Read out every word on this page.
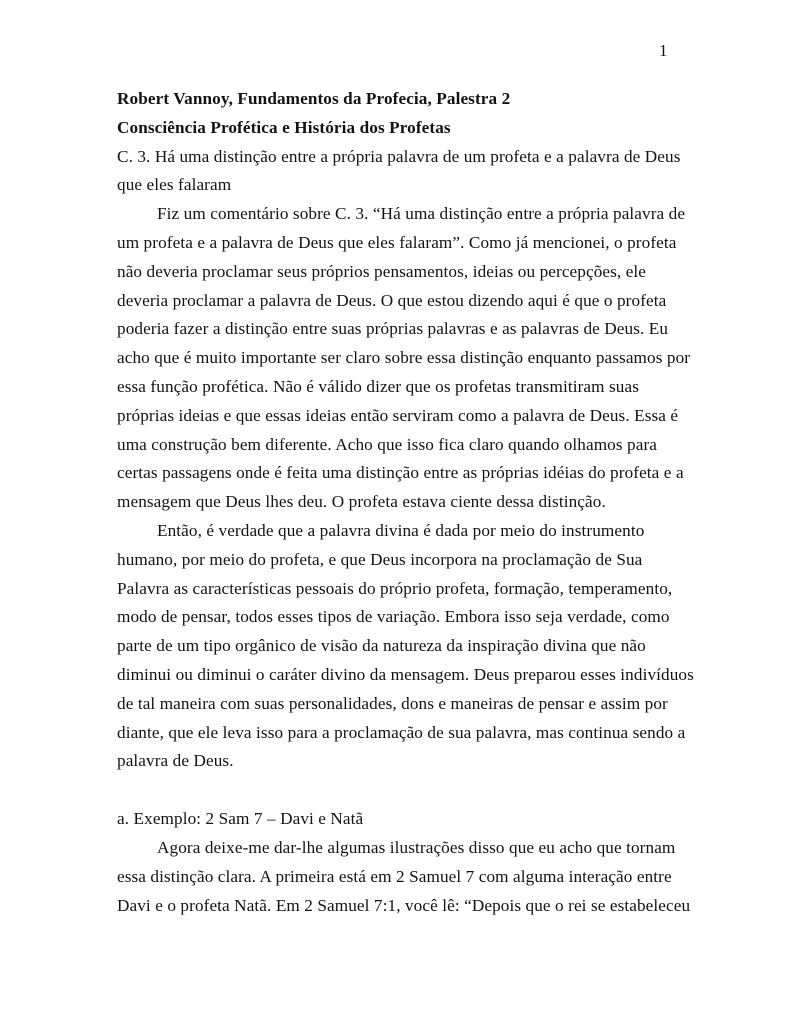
1
Robert Vannoy, Fundamentos da Profecia, Palestra 2
Consciência Profética e História dos Profetas
C. 3. Há uma distinção entre a própria palavra de um profeta e a palavra de Deus
que eles falaram
Fiz um comentário sobre C. 3. “Há uma distinção entre a própria palavra de
um profeta e a palavra de Deus que eles falaram”. Como já mencionei, o profeta
não deveria proclamar seus próprios pensamentos, ideias ou percepções, ele
deveria proclamar a palavra de Deus. O que estou dizendo aqui é que o profeta
poderia fazer a distinção entre suas próprias palavras e as palavras de Deus. Eu
acho que é muito importante ser claro sobre essa distinção enquanto passamos por
essa função profética. Não é válido dizer que os profetas transmitiram suas
próprias ideias e que essas ideias então serviram como a palavra de Deus. Essa é
uma construção bem diferente. Acho que isso fica claro quando olhamos para
certas passagens onde é feita uma distinção entre as próprias idéias do profeta e a
mensagem que Deus lhes deu. O profeta estava ciente dessa distinção.
Então, é verdade que a palavra divina é dada por meio do instrumento
humano, por meio do profeta, e que Deus incorpora na proclamação de Sua
Palavra as características pessoais do próprio profeta, formação, temperamento,
modo de pensar, todos esses tipos de variação. Embora isso seja verdade, como
parte de um tipo orgânico de visão da natureza da inspiração divina que não
diminui ou diminui o caráter divino da mensagem. Deus preparou esses indivíduos
de tal maneira com suas personalidades, dons e maneiras de pensar e assim por
diante, que ele leva isso para a proclamação de sua palavra, mas continua sendo a
palavra de Deus.
a. Exemplo: 2 Sam 7 – Davi e Natã
Agora deixe-me dar-lhe algumas ilustrações disso que eu acho que tornam
essa distinção clara. A primeira está em 2 Samuel 7 com alguma interação entre
Davi e o profeta Natã. Em 2 Samuel 7:1, você lê: “Depois que o rei se estabeleceu
